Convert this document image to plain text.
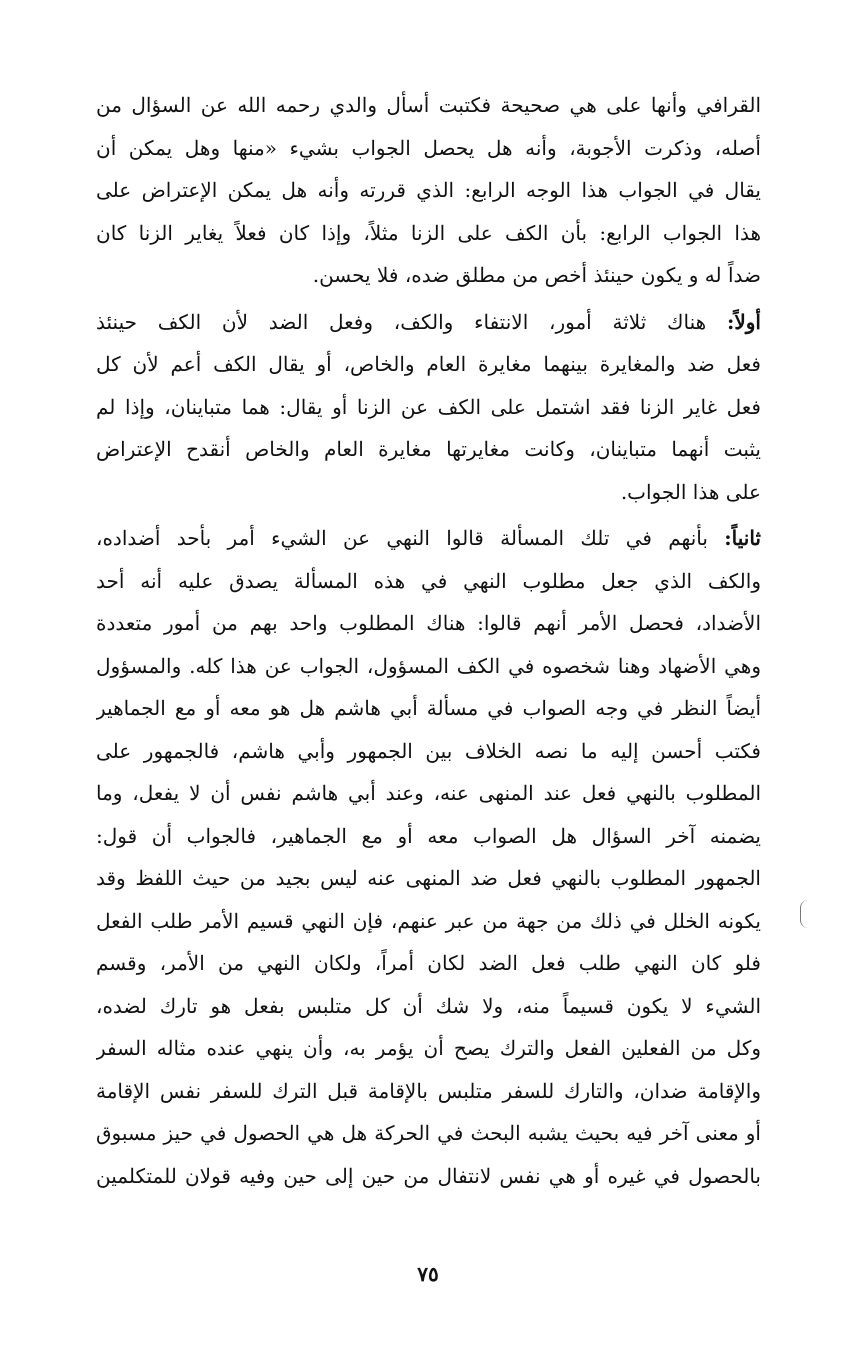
القرافي وأنها على هي صحيحة فكتبت أسأل والدي رحمه الله عن السؤال من
أصله، وذكرت الأجوبة، وأنه هل يحصل الجواب بشيء «منها وهل يمكن أن
يقال في الجواب هذا الوجه الرابع: الذي قررته وأنه هل يمكن الإعتراض على
هذا الجواب الرابع: بأن الكف على الزنا مثلاً، وإذا كان فعلاً يغاير الزنا كان
ضداً له و يكون حينئذ أخص من مطلق ضده، فلا يحسن.
أولاً: هناك ثلاثة أمور، الانتفاء والكف، وفعل الضد لأن الكف حينئذ
فعل ضد والمغايرة بينهما مغايرة العام والخاص، أو يقال الكف أعم لأن كل
فعل غاير الزنا فقد اشتمل على الكف عن الزنا أو يقال: هما متباينان، وإذا لم
يثبت أنهما متباينان، وكانت مغايرتها مغايرة العام والخاص أنقدح الإعتراض
على هذا الجواب.
ثانياً: بأنهم في تلك المسألة قالوا النهي عن الشيء أمر بأحد أضداده،
والكف الذي جعل مطلوب النهي في هذه المسألة يصدق عليه أنه أحد
الأضداد، فحصل الأمر أنهم قالوا: هناك المطلوب واحد بهم من أمور متعددة
وهي الأضهاد وهنا شخصوه في الكف المسؤول، الجواب عن هذا كله. والمسؤول
أيضاً النظر في وجه الصواب في مسألة أبي هاشم هل هو معه أو مع الجماهير
فكتب أحسن إليه ما نصه الخلاف بين الجمهور وأبي هاشم، فالجمهور على
المطلوب بالنهي فعل عند المنهى عنه، وعند أبي هاشم نفس أن لا يفعل، وما
يضمنه آخر السؤال هل الصواب معه أو مع الجماهير، فالجواب أن قول:
الجمهور المطلوب بالنهي فعل ضد المنهى عنه ليس بجيد من حيث اللفظ وقد
يكونه الخلل في ذلك من جهة من عبر عنهم، فإن النهي قسيم الأمر طلب الفعل
فلو كان النهي طلب فعل الضد لكان أمراً، ولكان النهي من الأمر، وقسم
الشيء لا يكون قسيماً منه، ولا شك أن كل متلبس بفعل هو تارك لضده،
وكل من الفعلين الفعل والترك يصح أن يؤمر به، وأن ينهي عنده مثاله السفر
والإقامة ضدان، والتارك للسفر متلبس بالإقامة قبل الترك للسفر نفس الإقامة
أو معنى آخر فيه بحيث يشبه البحث في الحركة هل هي الحصول في حيز مسبوق
بالحصول في غيره أو هي نفس لانتفال من حين إلى حين وفيه قولان للمتكلمين
٧٥
